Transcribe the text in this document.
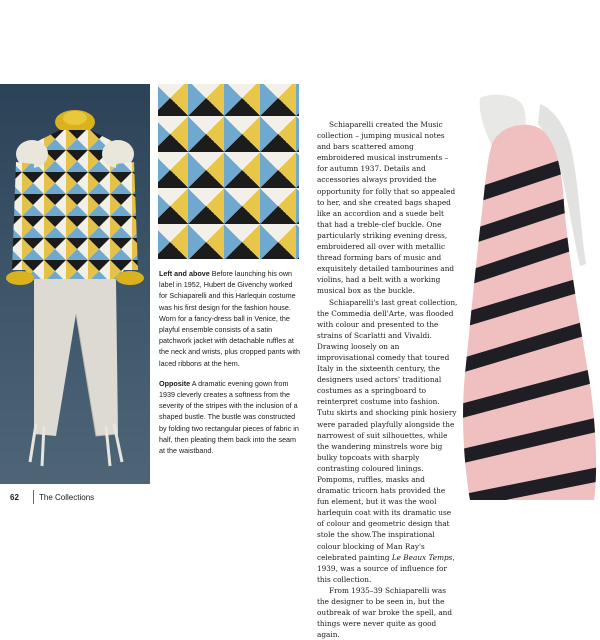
Left and above Before launching his own label in 1952, Hubert de Givenchy worked for Schiaparelli and this Harlequin costume was his first design for the fashion house. Worn for a fancy-dress ball in Venice, the playful ensemble consists of a satin patchwork jacket with detachable ruffles at the neck and wrists, plus cropped pants with laced ribbons at the hem.

Opposite A dramatic evening gown from 1939 cleverly creates a softness from the severity of the stripes with the inclusion of a shaped bustle. The bustle was constructed by folding two rectangular pieces of fabric in half, then pleating them back into the seam at the waistband.

Schiaparelli created the Music collection – jumping musical notes and bars scattered among embroidered musical instruments – for autumn 1937. Details and accessories always provided the opportunity for folly that so appealed to her, and she created bags shaped like an accordion and a suede belt that had a treble-clef buckle. One particularly striking evening dress, embroidered all over with metallic thread forming bars of music and exquisitely detailed tambourines and violins, had a belt with a working musical box as the buckle.

Schiaparelli's last great collection, the Commedia dell'Arte, was flooded with colour and presented to the strains of Scarlatti and Vivaldi. Drawing loosely on an improvisational comedy that toured Italy in the sixteenth century, the designers used actors' traditional costumes as a springboard to reinterpret costume into fashion. Tutu skirts and shocking pink hosiery were paraded playfully alongside the narrowest of suit silhouettes, while the wandering minstrels wore big bulky topcoats with sharply contrasting coloured linings. Pompoms, ruffles, masks and dramatic tricorn hats provided the fun element, but it was the wool harlequin coat with its dramatic use of colour and geometric design that stole the show.The inspirational colour blocking of Man Ray's celebrated painting Le Beaux Temps, 1939, was a source of influence for this collection.

From 1935–39 Schiaparelli was the designer to be seen in, but the outbreak of war broke the spell, and things were never quite as good again.

62	The Collections
